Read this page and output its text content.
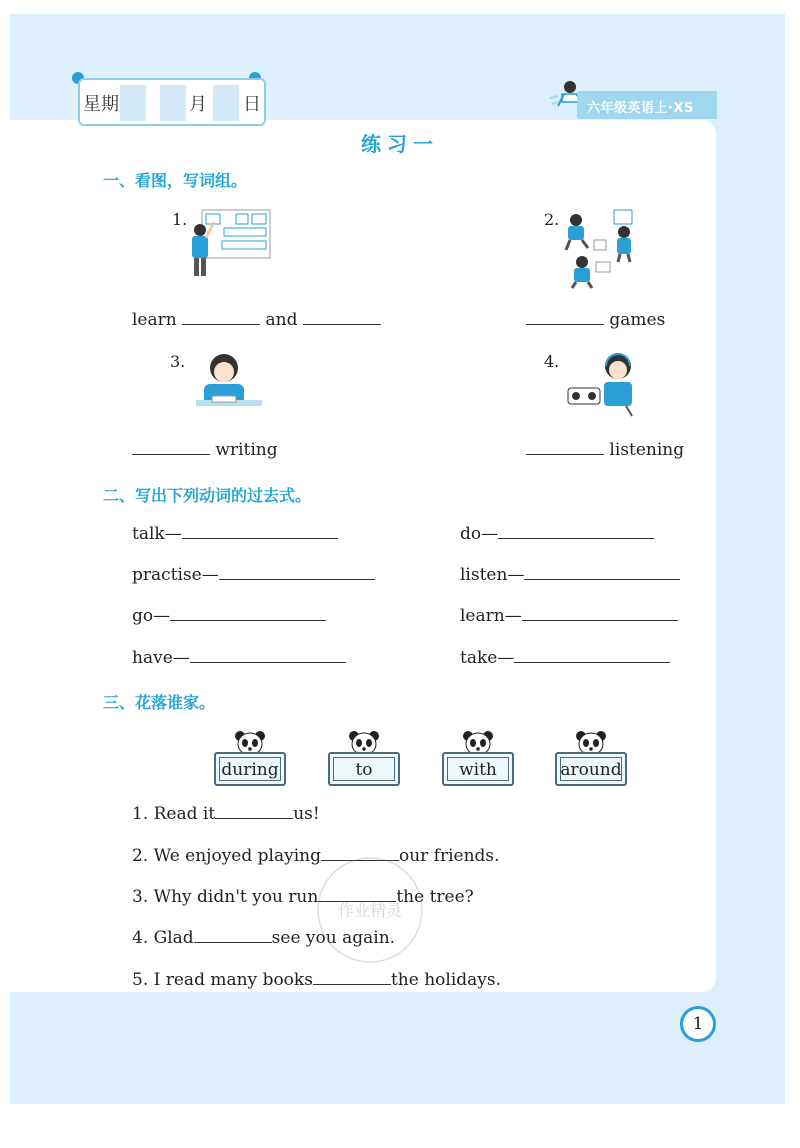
星期	月 日	六年级英语上·XS
练习一
一、看图，写词组。
1.	2.
learn	and	games
3.	4.
writing	listening
二、写出下列动词的过去式。
talk—	do—
practise—	listen—
go—	learn—
have—	take—
三、花落谁家。
during	to	with	around
1. Read it	us!
2. We enjoyed playing	our friends.
3. Why didn't you run	the tree?
4. Glad	see you again.
5. I read many books	the holidays.
作业精灵
1
